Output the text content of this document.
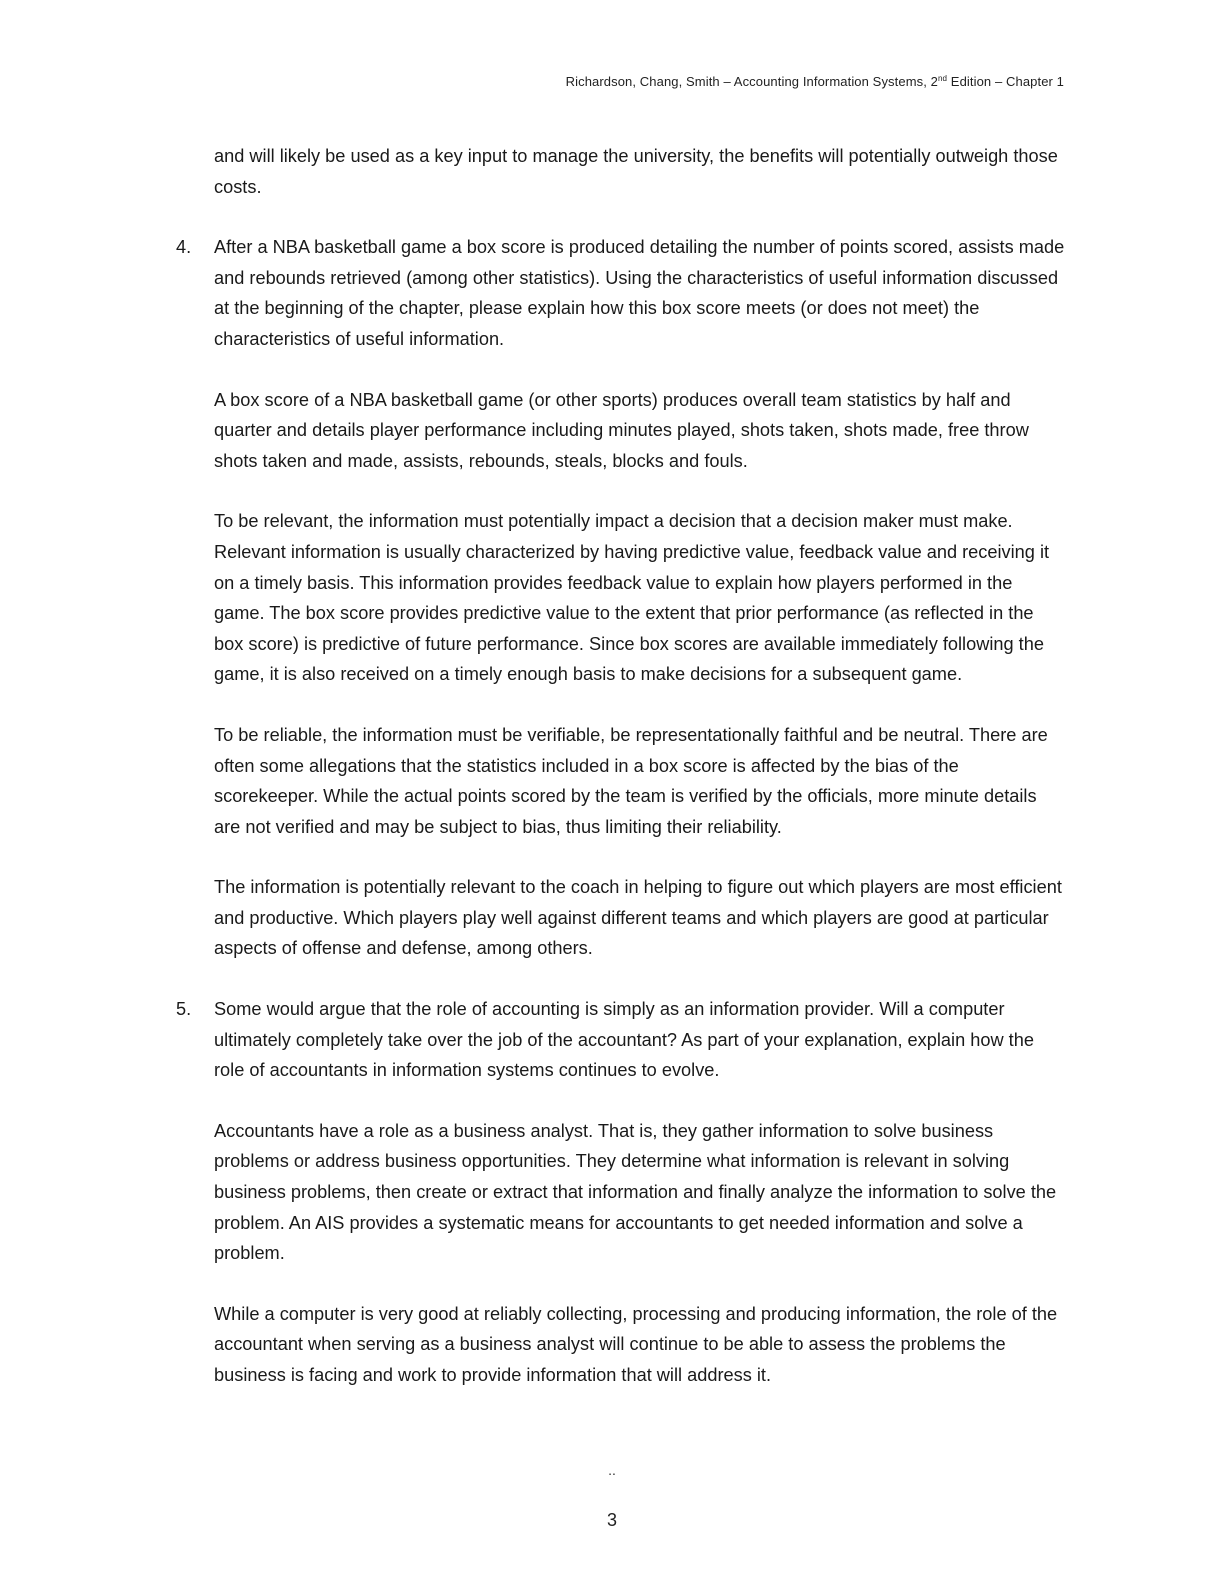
Richardson, Chang, Smith – Accounting Information Systems, 2nd Edition – Chapter 1

and will likely be used as a key input to manage the university, the benefits will potentially outweigh those costs.

4. After a NBA basketball game a box score is produced detailing the number of points scored, assists made and rebounds retrieved (among other statistics). Using the characteristics of useful information discussed at the beginning of the chapter, please explain how this box score meets (or does not meet) the characteristics of useful information.

A box score of a NBA basketball game (or other sports) produces overall team statistics by half and quarter and details player performance including minutes played, shots taken, shots made, free throw shots taken and made, assists, rebounds, steals, blocks and fouls.

To be relevant, the information must potentially impact a decision that a decision maker must make. Relevant information is usually characterized by having predictive value, feedback value and receiving it on a timely basis. This information provides feedback value to explain how players performed in the game. The box score provides predictive value to the extent that prior performance (as reflected in the box score) is predictive of future performance. Since box scores are available immediately following the game, it is also received on a timely enough basis to make decisions for a subsequent game.

To be reliable, the information must be verifiable, be representationally faithful and be neutral. There are often some allegations that the statistics included in a box score is affected by the bias of the scorekeeper. While the actual points scored by the team is verified by the officials, more minute details are not verified and may be subject to bias, thus limiting their reliability.

The information is potentially relevant to the coach in helping to figure out which players are most efficient and productive. Which players play well against different teams and which players are good at particular aspects of offense and defense, among others.

5. Some would argue that the role of accounting is simply as an information provider. Will a computer ultimately completely take over the job of the accountant? As part of your explanation, explain how the role of accountants in information systems continues to evolve.

Accountants have a role as a business analyst. That is, they gather information to solve business problems or address business opportunities. They determine what information is relevant in solving business problems, then create or extract that information and finally analyze the information to solve the problem. An AIS provides a systematic means for accountants to get needed information and solve a problem.

While a computer is very good at reliably collecting, processing and producing information, the role of the accountant when serving as a business analyst will continue to be able to assess the problems the business is facing and work to provide information that will address it.

..
3
